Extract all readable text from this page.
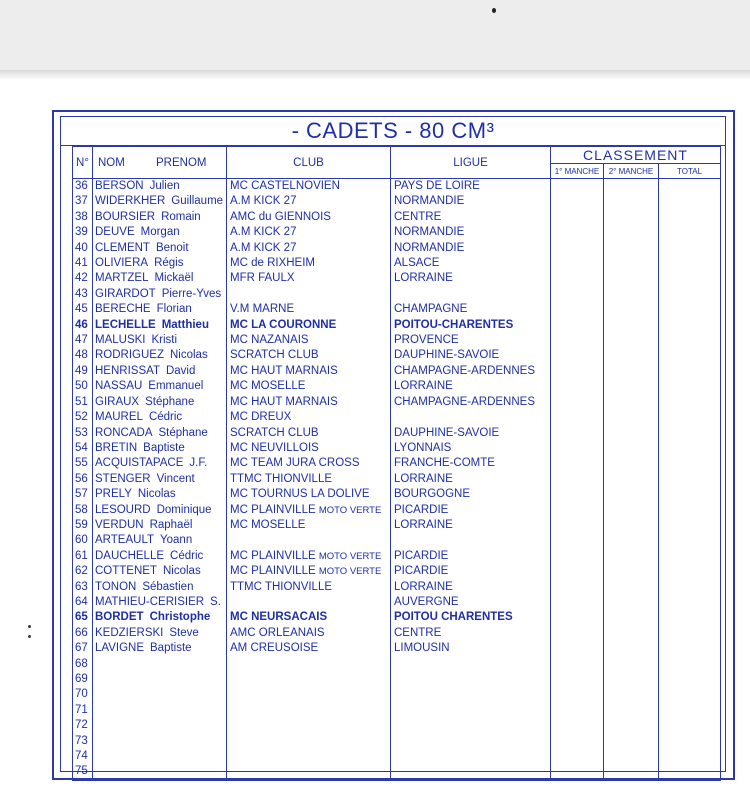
- CADETS - 80 CM³
N°	NOM PRENOM	CLUB	LIGUE	CLASSEMENT		
				1° MANCHE	2° MANCHE	TOTAL
36	BERSON Julien	MC CASTELNOVIEN	PAYS DE LOIRE			
37	WIDERKHER Guillaume	A.M KICK 27	NORMANDIE			
38	BOURSIER Romain	AMC du GIENNOIS	CENTRE			
39	DEUVE Morgan	A.M KICK 27	NORMANDIE			
40	CLEMENT Benoit	A.M KICK 27	NORMANDIE			
41	OLIVIERA Régis	MC de RIXHEIM	ALSACE			
42	MARTZEL Mickaël	MFR FAULX	LORRAINE			
43	GIRARDOT Pierre-Yves					
45	BERECHE Florian	V.M MARNE	CHAMPAGNE			
46	LECHELLE Matthieu	MC LA COURONNE	POITOU-CHARENTES			
47	MALUSKI Kristi	MC NAZANAIS	PROVENCE			
48	RODRIGUEZ Nicolas	SCRATCH CLUB	DAUPHINE-SAVOIE			
49	HENRISSAT David	MC HAUT MARNAIS	CHAMPAGNE-ARDENNES			
50	NASSAU Emmanuel	MC MOSELLE	LORRAINE			
51	GIRAUX Stéphane	MC HAUT MARNAIS	CHAMPAGNE-ARDENNES			
52	MAUREL Cédric	MC DREUX				
53	RONCADA Stéphane	SCRATCH CLUB	DAUPHINE-SAVOIE			
54	BRETIN Baptiste	MC NEUVILLOIS	LYONNAIS			
55	ACQUISTAPACE J.F.	MC TEAM JURA CROSS	FRANCHE-COMTE			
56	STENGER Vincent	TTMC THIONVILLE	LORRAINE			
57	PRELY Nicolas	MC TOURNUS LA DOLIVE	BOURGOGNE			
58	LESOURD Dominique	MC PLAINVILLE MOTO VERTE	PICARDIE			
59	VERDUN Raphaël	MC MOSELLE	LORRAINE			
60	ARTEAULT Yoann					
61	DAUCHELLE Cédric	MC PLAINVILLE MOTO VERTE	PICARDIE			
62	COTTENET Nicolas	MC PLAINVILLE MOTO VERTE	PICARDIE			
63	TONON Sébastien	TTMC THIONVILLE	LORRAINE			
64	MATHIEU-CERISIER S.		AUVERGNE			
65	BORDET Christophe	MC NEURSACAIS	POITOU CHARENTES			
66	KEDZIERSKI Steve	AMC ORLEANAIS	CENTRE			
67	LAVIGNE Baptiste	AM CREUSOISE	LIMOUSIN			
68						
69						
70						
71						
72						
73						
74						
75						
